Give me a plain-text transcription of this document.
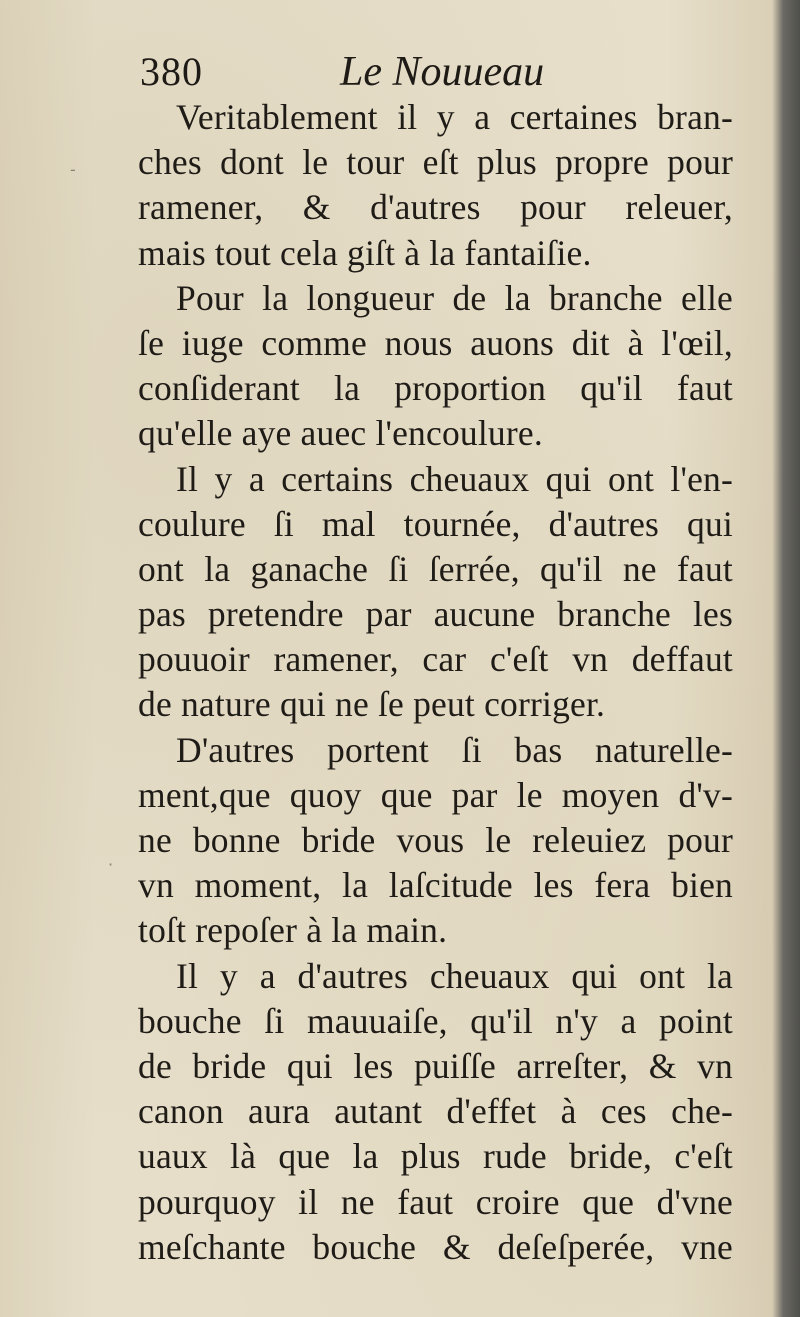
380	Le Nouueau
Veritablement il y a certaines bran-
ches dont le tour eſt plus propre pour
ramener, & d'autres pour releuer,
mais tout cela giſt à la fantaiſie.
Pour la longueur de la branche elle
ſe iuge comme nous auons dit à l'œil,
conſiderant la proportion qu'il faut
qu'elle aye auec l'encoulure.
Il y a certains cheuaux qui ont l'en-
coulure ſi mal tournée, d'autres qui
ont la ganache ſi ſerrée, qu'il ne faut
pas pretendre par aucune branche les
pouuoir ramener, car c'eſt vn deffaut
de nature qui ne ſe peut corriger.
D'autres portent ſi bas naturelle-
ment,que quoy que par le moyen d'v-
ne bonne bride vous le releuiez pour
vn moment, la laſcitude les fera bien
toſt repoſer à la main.
Il y a d'autres cheuaux qui ont la
bouche ſi mauuaiſe, qu'il n'y a point
de bride qui les puiſſe arreſter, & vn
canon aura autant d'effet à ces che-
uaux là que la plus rude bride, c'eſt
pourquoy il ne faut croire que d'vne
meſchante bouche & deſeſperée, vne
-
·
